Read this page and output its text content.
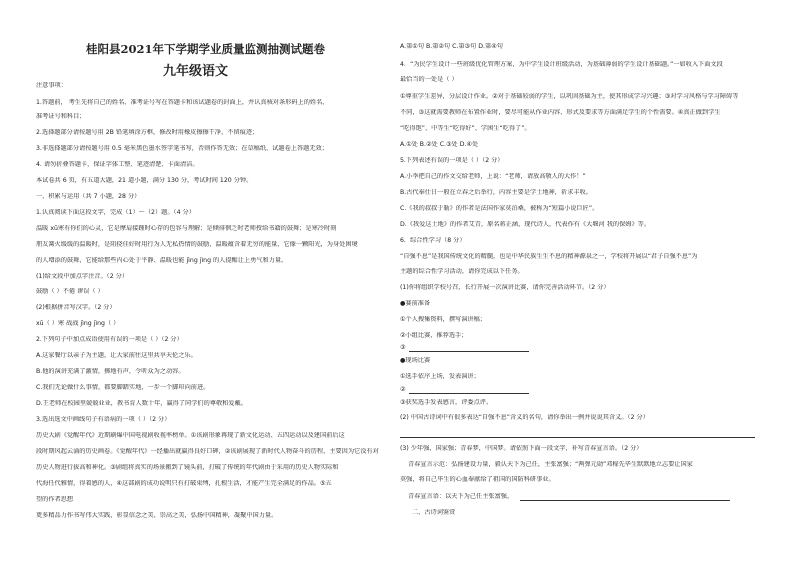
桂阳县2021年下学期学业质量监测抽测试题卷
九年级语文
注意事项：
1.答题前， 考生先将自己的姓名、准考证号写在答题卡和该试题卷的封面上，并认真核对条形码上的姓名、
准考证号和科目；
2.选择题部分请按题号用 2B 铅笔填涂方框，修改时用橡皮擦擦干净，不留痕迹；
3.非选择题部分请按题号用 0.5 毫米黑色墨水签字笔书写，否则作答无效；在草稿纸、试题卷上答题无效；
4. 请勿折叠答题卡，保证字体工整、笔迹清楚、卡面清洁。
本试卷共 6 页，有五道大题，21 道小题，满分 130 分，考试时间 120 分钟。
一、积累与运用（共 7 小题，28 分）
1.认真阅读下面这段文字，完成（1）～（2）题。（4 分）
温暖 xū寒有你们的心灵，它是摩肩接踵时心存的包容与理解；是倾徘徊乏时老师授给书籍的鼓舞；是寒冷时刻
朋友篝火缓缓的温暖时，是阻挠佳好时用行为人无私热情的鼓励，温暖蕴含着无穷的能量，它像一颗阳光，为身处困境
的人增添的鼓舞，它能给那些内心处于平静、温暖也能 jìng jìng 的人提醒让上勇气和力量。
(1)给文段中加点字注音。（2 分）
鼓励（ ）不倦 谬误（ ）
(2)根据拼音写汉字。（2 分）
xū（ ）寒 战战 jìng jìng（ ）
2.下列句子中加点成语使用有误的一项是（ ）（2 分）
A.这家餐厅以亲子为主题，让大家前往这里共享天伦之乐。
B.他的演讲充满了激情，掷地有声，令听众为之动容。
C.我们无论做什么事情，都要脚踏实地，一步一个脚印向前进。
D.王老师在校园里兢兢业业，教书育人数十年，赢得了同学们的尊敬和爱戴。
3.选出选文中画线句子有语病的一项（ ）（2 分）
历史大剧《觉醒年代》近期刷爆中国电视剧收视率榜单。①该剧形象再现了新文化运动、五四运动以及建国前后这
段时期风起云涌的历史画卷。《觉醒年代》一经播出就赢得良好口碑，②该剧展现了新时代人物奋斗的历程，主要因为它没有对
历史人物进行拔高和神化。③剧组将真实的场景搬到了镜头前，打破了传统的年代剧由于采用的历史人物实际和
代海任代雅情，得着感的人，④这部剧的成功说明只有打破束缚，扎根生活，才能产生完全满足的作品。⑤五
望的作者思想
更多精品力作书写伟大实践，彰显信念之美、崇高之美，弘扬中国精神，凝聚中国力量。
A.第①句 B.第②句 C.第③句 D.第④句
4．“为民学生设计一些班级优化管理方案，为中学生设计班级活动，为基础薄弱的学生设计基础题。”一如收入下面文段
最恰当的一处是（ ）
①尊重学生差异，分层设计作业。②对于基础较弱的学生，以巩固基础为主，使其形成学习兴趣；③对学习风格与学习障碍等
不同，③这就需要教师在布置作业时，要尽可能从作业内容、形式及要求等方面满足学生的个性需要。④真正做到学生
“吃得饱”、中等生“吃得好”、学困生“吃得了”。
A.①处 B.②处 C.③处 D.④处
5.下列表述有误的一项是（ ）（2 分）
A.小李把自己的作文交给老师，上说：“老师，请放高敬人的大作！”
B.古代奉仕日一般在立春之后举行，内容主要是学土地神，祈求丰收。
C.《我的叔叔于勒》的作者是法国作家莫泊桑，被称为“短篇小说巨匠”。
D.《我爱这土地》的作者艾青，原名蒋正涵，现代诗人，代表作有《大堰河 我的保姆》等。
6．综合性学习（8 分）
“自强不息”是我国传统文化的精髓，也是中华民族生生不息的精神源泉之一，学校将开展以“君子自强不息”为
主题的综合性学习活动，请你完成以下任务。
(1)你将组织学校号召，长行开展一次演讲比赛，请你完善活动环节。（2 分）
●赛前准备
①个人搜集资料，撰写演讲稿；
②小组比赛，推荐选手；
③
●现场比赛
①选手依序上场，发表演讲；
②
③获奖选手发表感言，评委点评。
(2) 中国古诗词中有很多表达“自强不息”含义的名句，请你举出一例并说说其含义。（2 分）
(3) 少年强，国家强；青春梦，中国梦。请依照下面一段文字，补写青春宣言语。（2 分）
青春宣言示范：弘扬建设力量，毅认天下为己任，主张富强；“两弹元勋”邓稼先毕生默默地立志要让国家
莫强，将自己毕生的心血奉献给了祖国的国防科研事业。
青春宣言语：以天下为己任主张富强，
二、古诗词鉴赏
